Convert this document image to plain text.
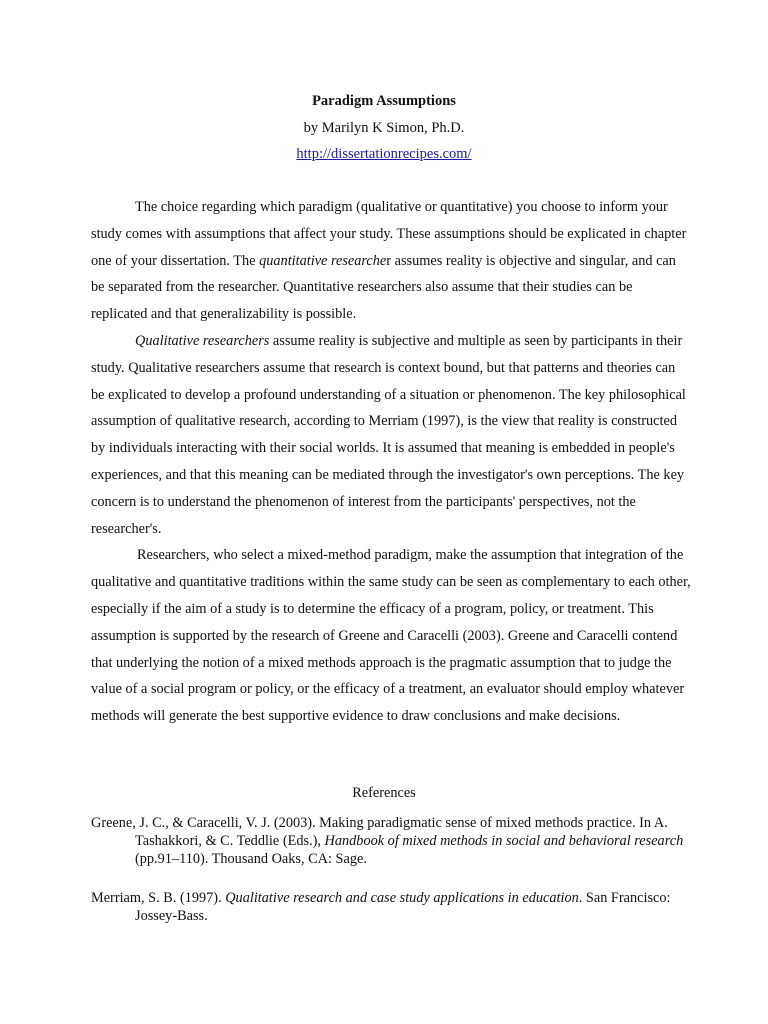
Paradigm Assumptions
by Marilyn K Simon, Ph.D.
http://dissertationrecipes.com/

The choice regarding which paradigm (qualitative or quantitative) you choose to inform your study comes with assumptions that affect your study. These assumptions should be explicated in chapter one of your dissertation. The quantitative researcher assumes reality is objective and singular, and can be separated from the researcher. Quantitative researchers also assume that their studies can be replicated and that generalizability is possible.

Qualitative researchers assume reality is subjective and multiple as seen by participants in their study. Qualitative researchers assume that research is context bound, but that patterns and theories can be explicated to develop a profound understanding of a situation or phenomenon. The key philosophical assumption of qualitative research, according to Merriam (1997), is the view that reality is constructed by individuals interacting with their social worlds. It is assumed that meaning is embedded in people's experiences, and that this meaning can be mediated through the investigator's own perceptions. The key concern is to understand the phenomenon of interest from the participants' perspectives, not the researcher's.

Researchers, who select a mixed-method paradigm, make the assumption that integration of the qualitative and quantitative traditions within the same study can be seen as complementary to each other, especially if the aim of a study is to determine the efficacy of a program, policy, or treatment. This assumption is supported by the research of Greene and Caracelli (2003). Greene and Caracelli contend that underlying the notion of a mixed methods approach is the pragmatic assumption that to judge the value of a social program or policy, or the efficacy of a treatment, an evaluator should employ whatever methods will generate the best supportive evidence to draw conclusions and make decisions.

References
Greene, J. C., & Caracelli, V. J. (2003). Making paradigmatic sense of mixed methods practice. In A. Tashakkori, & C. Teddlie (Eds.), Handbook of mixed methods in social and behavioral research (pp.91–110). Thousand Oaks, CA: Sage.
Merriam, S. B. (1997). Qualitative research and case study applications in education. San Francisco: Jossey-Bass.
